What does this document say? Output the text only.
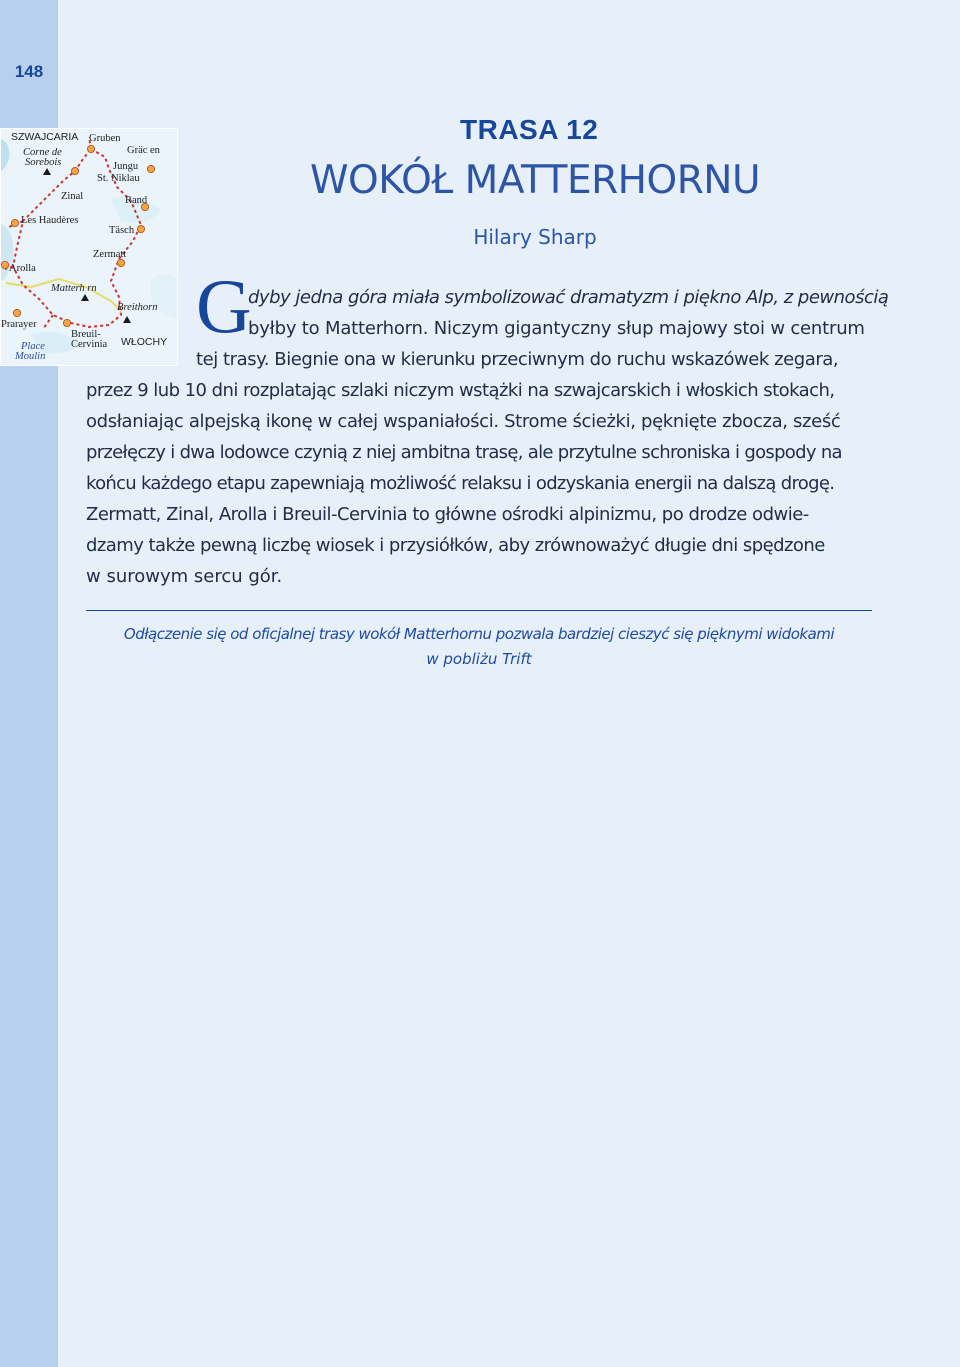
148
SZWAJCARIA Gruben
Corne de
Sorebois
Gräc en
Jungu
Zinal
St. Niklau
Rand
Les Haudères
Täsch
Zermatt
Arolla
Matterh rn
Breithorn
Prarayer
Breuil-
Cervinia WŁOCHY
Place
Moulin
TRASA 12
WOKÓŁ MATTERHORNU
Hilary Sharp
G
dyby jedna góra miała symbolizować dramatyzm i piękno Alp, z pewnością
byłby to Matterhorn. Niczym gigantyczny słup majowy stoi w centrum
tej trasy. Biegnie ona w kierunku przeciwnym do ruchu wskazówek zegara,
przez 9 lub 10 dni rozplatając szlaki niczym wstążki na szwajcarskich i włoskich stokach,
odsłaniając alpejską ikonę w całej wspaniałości. Strome ścieżki, pęknięte zbocza, sześć
przełęczy i dwa lodowce czynią z niej ambitna trasę, ale przytulne schroniska i gospody na
końcu każdego etapu zapewniają możliwość relaksu i odzyskania energii na dalszą drogę.
Zermatt, Zinal, Arolla i Breuil-Cervinia to główne ośrodki alpinizmu, po drodze odwie-
dzamy także pewną liczbę wiosek i przysiółków, aby zrównoważyć długie dni spędzone
w surowym sercu gór.
Odłączenie się od oficjalnej trasy wokół Matterhornu pozwala bardziej cieszyć się pięknymi widokami
w pobliżu Trift
